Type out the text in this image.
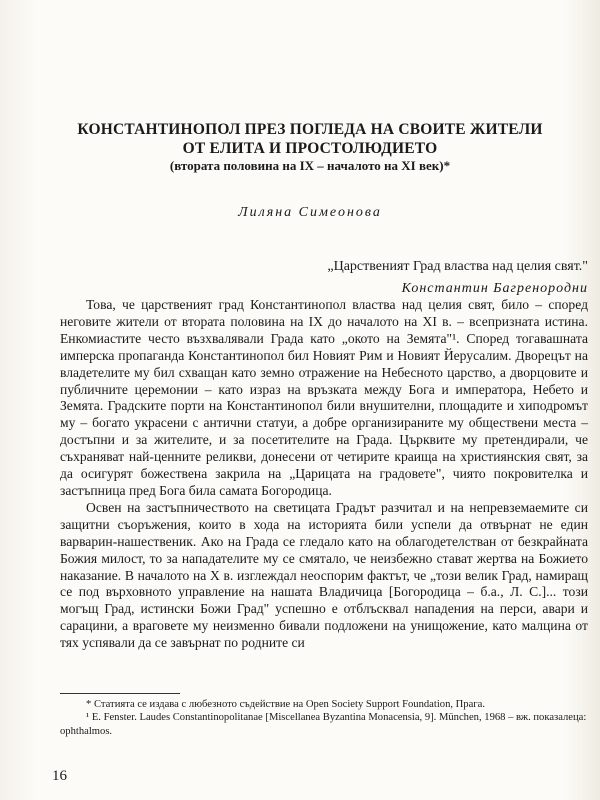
КОНСТАНТИНОПОЛ ПРЕЗ ПОГЛЕДА НА СВОИТЕ ЖИТЕЛИ
ОТ ЕЛИТА И ПРОСТОЛЮДИЕТО
(втората половина на IX – началото на XI век)*
Лиляна Симеонова
„Царственият Град властва над целия свят."
Константин Багренородни

Това, че царственият град Константинопол властва над целия свят, било – според неговите жители от втората половина на IX до началото на XI в. – всепризната истина. Енкомиастите често възхвалявали Града като „окото на Земята"¹. Според тогавашната имперска пропаганда Константинопол бил Новият Рим и Новият Йерусалим. Дворецът на владетелите му бил схващан като земно отражение на Небесното царство, а дворцовите и публичните церемонии – като израз на връзката между Бога и императора, Небето и Земята. Градските порти на Константинопол били внушителни, площадите и хиподромът му – богато украсени с антични статуи, а добре организираните му обществени места – достъпни и за жителите, и за посетителите на Града. Църквите му претендирали, че съхраняват най-ценните реликви, донесени от четирите краища на християнския свят, за да осигурят божествена закрила на „Царицата на градовете", чиято покровителка и застъпница пред Бога била самата Богородица.

Освен на застъпничеството на светицата Градът разчитал и на непревземаемите си защитни съоръжения, които в хода на историята били успели да отвърнат не един варварин-нашественик. Ако на Града се гледало като на облагодетелстван от безкрайната Божия милост, то за нападателите му се смятало, че неизбежно стават жертва на Божието наказание. В началото на X в. изглеждал неоспорим фактът, че „този велик Град, намиращ се под върховното управление на нашата Владичица [Богородица – б.а., Л. С.]... този могъщ Град, истински Божи Град" успешно е отблъсквал нападения на перси, авари и сарацини, а враговете му неизменно бивали подложени на унищожение, като малцина от тях успявали да се завърнат по родните си

* Статията се издава с любезното съдействие на Open Society Support Foundation, Прага.
¹ E. Fenster. Laudes Constantinopolitanae [Miscellanea Byzantina Monacensia, 9]. München, 1968 – вж. показалеца: ophthalmos.
16
